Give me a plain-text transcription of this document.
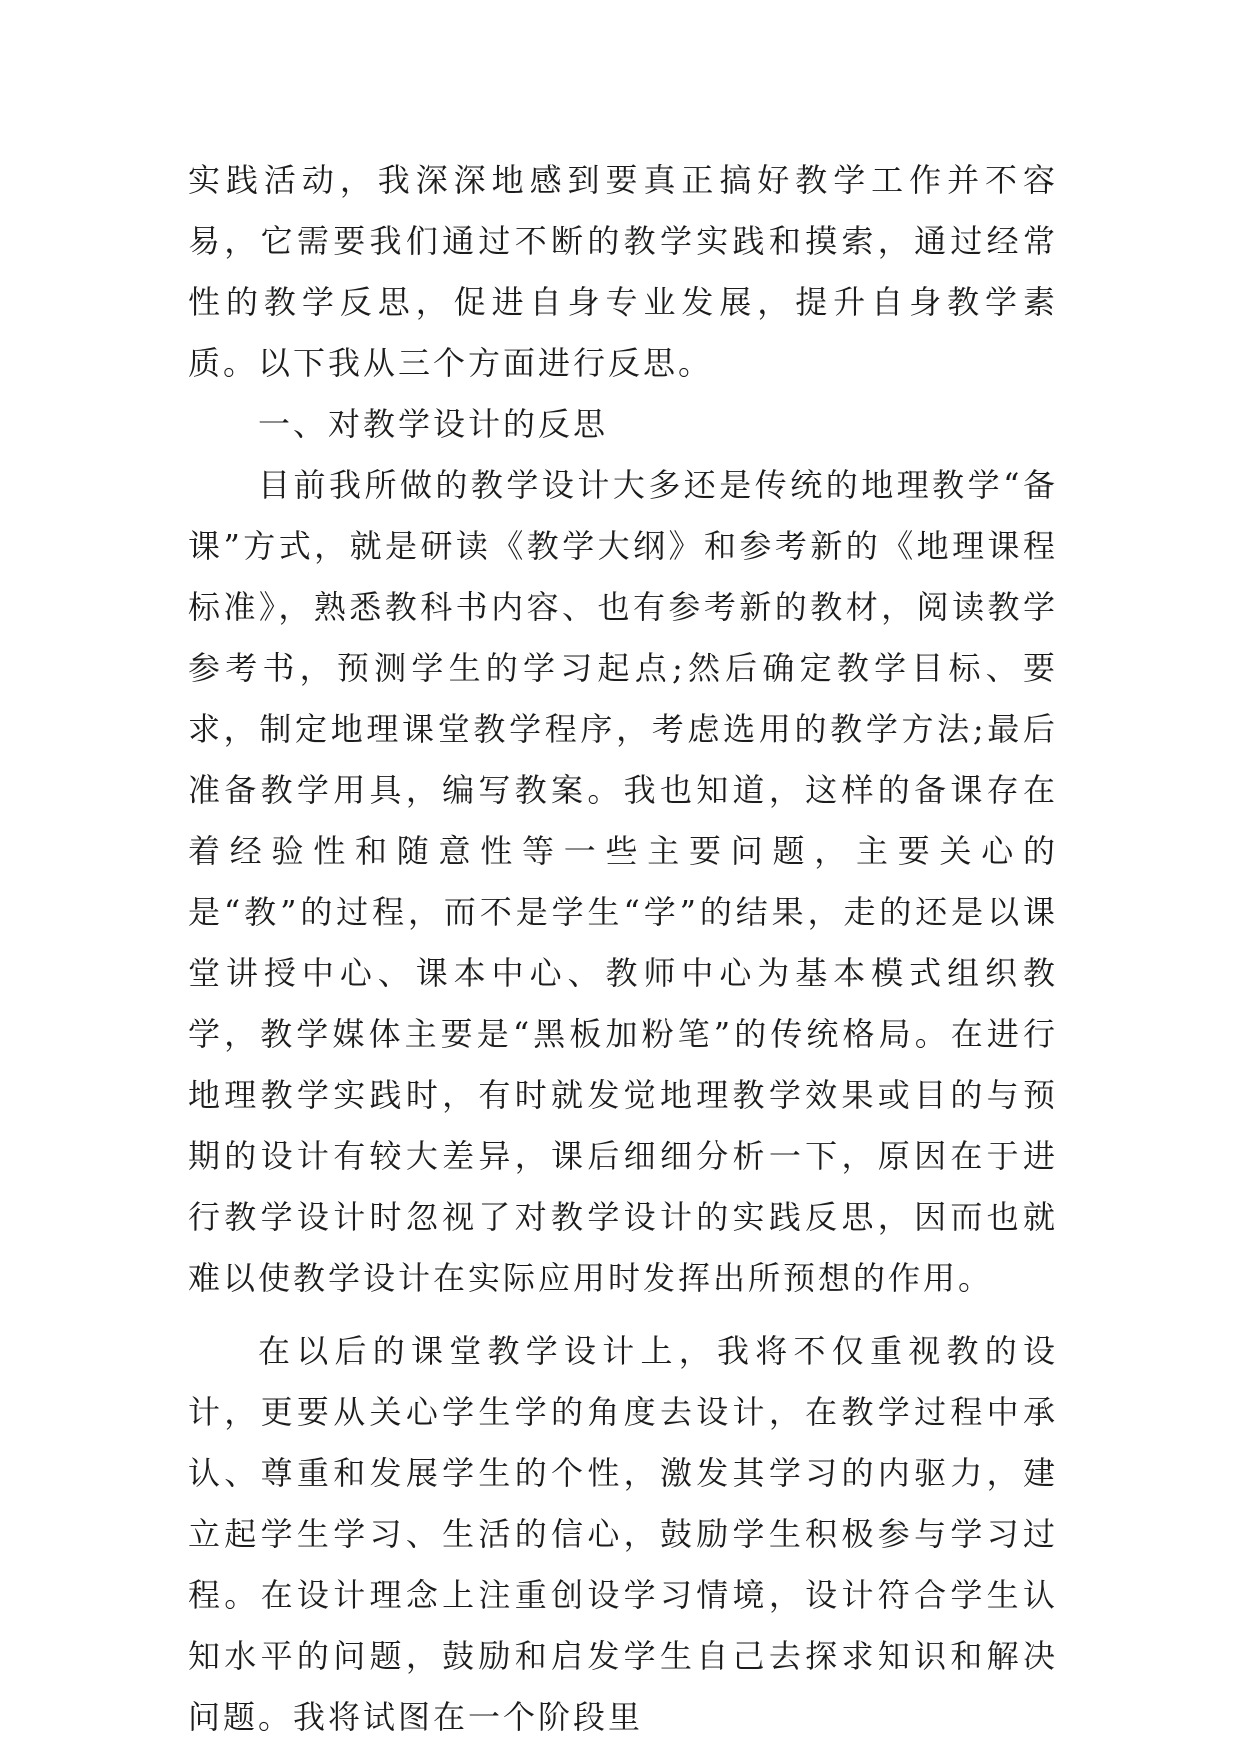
实践活动，我深深地感到要真正搞好教学工作并不容易，它需要我们通过不断的教学实践和摸索，通过经常性的教学反思，促进自身专业发展，提升自身教学素质。以下我从三个方面进行反思。

一、对教学设计的反思

目前我所做的教学设计大多还是传统的地理教学“备课”方式，就是研读《教学大纲》和参考新的《地理课程标准》，熟悉教科书内容、也有参考新的教材，阅读教学参考书，预测学生的学习起点;然后确定教学目标、要求，制定地理课堂教学程序，考虑选用的教学方法;最后准备教学用具，编写教案。我也知道，这样的备课存在着经验性和随意性等一些主要问题，主要关心的是“教”的过程，而不是学生“学”的结果，走的还是以课堂讲授中心、课本中心、教师中心为基本模式组织教学，教学媒体主要是“黑板加粉笔”的传统格局。在进行地理教学实践时，有时就发觉地理教学效果或目的与预期的设计有较大差异，课后细细分析一下，原因在于进行教学设计时忽视了对教学设计的实践反思，因而也就难以使教学设计在实际应用时发挥出所预想的作用。

在以后的课堂教学设计上，我将不仅重视教的设计，更要从关心学生学的角度去设计，在教学过程中承认、尊重和发展学生的个性，激发其学习的内驱力，建立起学生学习、生活的信心，鼓励学生积极参与学习过程。在设计理念上注重创设学习情境，设计符合学生认知水平的问题，鼓励和启发学生自己去探求知识和解决问题。我将试图在一个阶段里
